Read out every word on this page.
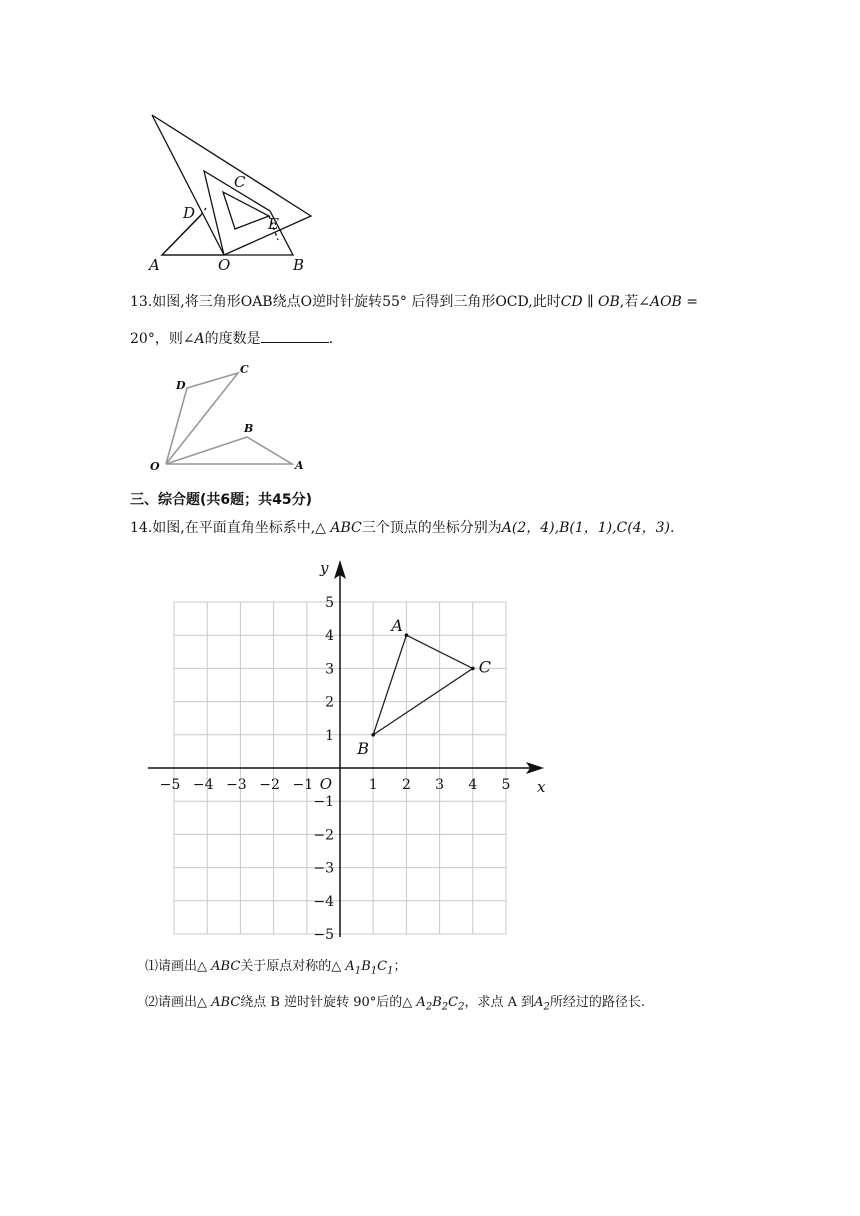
A	O	B
C
D
E
13.如图,将三角形OAB绕点O逆时针旋转55° 后得到三角形OCD,此时CD ∥ OB,若∠AOB =
20°，则∠A的度数是	.
D
C
B
O	A
三、综合题(共6题；共45分)
14.如图,在平面直角坐标系中,△ ABC三个顶点的坐标分别为A(2，4),B(1，1),C(4，3).
−5 −4 −3 −2 −1	1 2 3 4 5
5
4
3
2
1
−1
−2
−3
−4
−5
O	x
y
A
B
C
⑴请画出△ ABC关于原点对称的△ $A_1B_1C_1$；
⑵请画出△ ABC绕点 B 逆时针旋转 90°后的△ $A_2B_2C_2$，求点 A 到$A_2$所经过的路径长.
